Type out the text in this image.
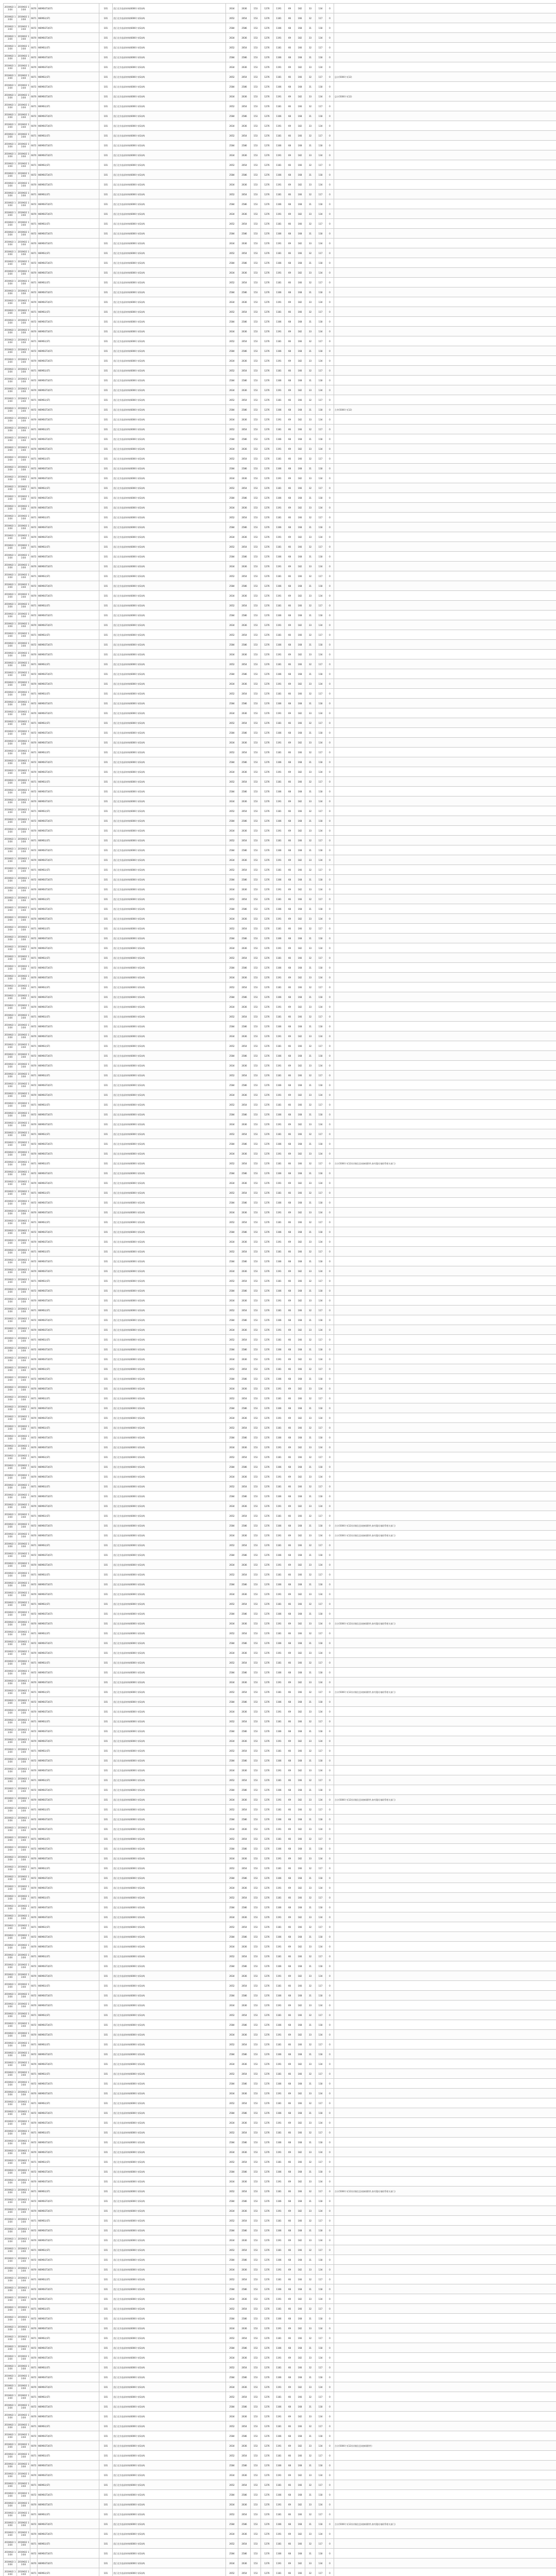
2019/6/2 13:04	2019/6/2 13:04	6070	WEMSST3(ST)	101	美汇化学品原材料(6000个)(G)(A)	2634	2636	153	1276	1191	69	182	33	134	0	
2019/6/2 13:04	2019/6/2 13:04	6071	WEMS1(ST)	101	美汇化学品原材料(6000个)(G)(A)	2652	2654	153	1276	1181	66	166	32	117	0	
2019/6/2 13:04	2019/6/2 13:04	6072	WEMSST3(ST)	101	美汇化学品原材料(6000个)(G)(A)	2584	2586	153	1276	1166	68	168	31	118	0	
2019/6/2 13:04	2019/6/2 13:04	6070	WEMSST3(ST)	101	美汇化学品原材料(6000个)(G)(A)	2634	2636	153	1276	1191	69	182	33	134	0	
2019/6/2 13:04	2019/6/2 13:04	6071	WEMS1(ST)	101	美汇化学品原材料(6000个)(G)(A)	2652	2654	153	1276	1181	66	166	32	117	0	
2019/6/2 13:04	2019/6/2 13:04	6072	WEMSST3(ST)	101	美汇化学品原材料(6000个)(G)(A)	2584	2586	153	1276	1166	68	168	31	118	0	
2019/6/2 13:04	2019/6/2 13:04	6070	WEMSST3(ST)	101	美汇化学品原材料(6000个)(G)(A)	2634	2636	153	1276	1191	69	182	33	134	0	
2019/6/2 13:04	2019/6/2 13:04	6071	WEMS1(ST)	101	美汇化学品原材料(6000个)(G)(A)	2652	2654	153	1276	1181	66	166	32	117	0	总计(5000个)(12)
2019/6/2 13:04	2019/6/2 13:04	6072	WEMSST3(ST)	101	美汇化学品原材料(6000个)(G)(A)	2584	2586	153	1276	1166	68	168	31	118	0	
2019/6/2 13:04	2019/6/2 13:04	6070	WEMSST3(ST)	101	美汇化学品原材料(6000个)(G)(A)	2634	2636	153	1276	1191	69	182	33	134	0	总计(5000个)(12)
2019/6/2 13:04	2019/6/2 13:04	6071	WEMS1(ST)	101	美汇化学品原材料(6000个)(G)(A)	2652	2654	153	1276	1181	66	166	32	117	0	
2019/6/2 13:04	2019/6/2 13:04	6072	WEMSST3(ST)	101	美汇化学品原材料(6000个)(G)(A)	2584	2586	153	1276	1166	68	168	31	118	0	
2019/6/2 13:04	2019/6/2 13:04	6070	WEMSST3(ST)	101	美汇化学品原材料(6000个)(G)(A)	2634	2636	153	1276	1191	69	182	33	134	0	
2019/6/2 13:04	2019/6/2 13:04	6071	WEMS1(ST)	101	美汇化学品原材料(6000个)(G)(A)	2652	2654	153	1276	1181	66	166	32	117	0	
2019/6/2 13:04	2019/6/2 13:04	6072	WEMSST3(ST)	101	美汇化学品原材料(6000个)(G)(A)	2584	2586	153	1276	1166	68	168	31	118	0	
2019/6/2 13:04	2019/6/2 13:04	6070	WEMSST3(ST)	101	美汇化学品原材料(6000个)(G)(A)	2634	2636	153	1276	1191	69	182	33	134	0	
2019/6/2 13:04	2019/6/2 13:04	6071	WEMS1(ST)	101	美汇化学品原材料(6000个)(G)(A)	2652	2654	153	1276	1181	66	166	32	117	0	
2019/6/2 13:04	2019/6/2 13:04	6072	WEMSST3(ST)	101	美汇化学品原材料(6000个)(G)(A)	2584	2586	153	1276	1166	68	168	31	118	0	
2019/6/2 13:04	2019/6/2 13:04	6070	WEMSST3(ST)	101	美汇化学品原材料(6000个)(G)(A)	2634	2636	153	1276	1191	69	182	33	134	0	
2019/6/2 13:04	2019/6/2 13:04	6071	WEMS1(ST)	101	美汇化学品原材料(6000个)(G)(A)	2652	2654	153	1276	1181	66	166	32	117	0	
2019/6/2 13:04	2019/6/2 13:04	6072	WEMSST3(ST)	101	美汇化学品原材料(6000个)(G)(A)	2584	2586	153	1276	1166	68	168	31	118	0	
2019/6/2 13:04	2019/6/2 13:04	6070	WEMSST3(ST)	101	美汇化学品原材料(6000个)(G)(A)	2634	2636	153	1276	1191	69	182	33	134	0	
2019/6/2 13:04	2019/6/2 13:04	6071	WEMS1(ST)	101	美汇化学品原材料(6000个)(G)(A)	2652	2654	153	1276	1181	66	166	32	117	0	
2019/6/2 13:04	2019/6/2 13:04	6072	WEMSST3(ST)	101	美汇化学品原材料(6000个)(G)(A)	2584	2586	153	1276	1166	68	168	31	118	0	
2019/6/2 13:04	2019/6/2 13:04	6070	WEMSST3(ST)	101	美汇化学品原材料(6000个)(G)(A)	2634	2636	153	1276	1191	69	182	33	134	0	
2019/6/2 13:04	2019/6/2 13:04	6071	WEMS1(ST)	101	美汇化学品原材料(6000个)(G)(A)	2652	2654	153	1276	1181	66	166	32	117	0	
2019/6/2 13:04	2019/6/2 13:04	6072	WEMSST3(ST)	101	美汇化学品原材料(6000个)(G)(A)	2584	2586	153	1276	1166	68	168	31	118	0	
2019/6/2 13:04	2019/6/2 13:04	6070	WEMSST3(ST)	101	美汇化学品原材料(6000个)(G)(A)	2634	2636	153	1276	1191	69	182	33	134	0	
2019/6/2 13:04	2019/6/2 13:04	6071	WEMS1(ST)	101	美汇化学品原材料(6000个)(G)(A)	2652	2654	153	1276	1181	66	166	32	117	0	
2019/6/2 13:04	2019/6/2 13:04	6072	WEMSST3(ST)	101	美汇化学品原材料(6000个)(G)(A)	2584	2586	153	1276	1166	68	168	31	118	0	
2019/6/2 13:04	2019/6/2 13:04	6070	WEMSST3(ST)	101	美汇化学品原材料(6000个)(G)(A)	2634	2636	153	1276	1191	69	182	33	134	0	
2019/6/2 13:04	2019/6/2 13:04	6071	WEMS1(ST)	101	美汇化学品原材料(6000个)(G)(A)	2652	2654	153	1276	1181	66	166	32	117	0	
2019/6/2 13:04	2019/6/2 13:04	6072	WEMSST3(ST)	101	美汇化学品原材料(6000个)(G)(A)	2584	2586	153	1276	1166	68	168	31	118	0	
2019/6/2 13:04	2019/6/2 13:04	6070	WEMSST3(ST)	101	美汇化学品原材料(6000个)(G)(A)	2634	2636	153	1276	1191	69	182	33	134	0	
2019/6/2 13:04	2019/6/2 13:04	6071	WEMS1(ST)	101	美汇化学品原材料(6000个)(G)(A)	2652	2654	153	1276	1181	66	166	32	117	0	
2019/6/2 13:04	2019/6/2 13:04	6072	WEMSST3(ST)	101	美汇化学品原材料(6000个)(G)(A)	2584	2586	153	1276	1166	68	168	31	118	0	
2019/6/2 13:04	2019/6/2 13:04	6070	WEMSST3(ST)	101	美汇化学品原材料(6000个)(G)(A)	2634	2636	153	1276	1191	69	182	33	134	0	
2019/6/2 13:04	2019/6/2 13:04	6071	WEMS1(ST)	101	美汇化学品原材料(6000个)(G)(A)	2652	2654	153	1276	1181	66	166	32	117	0	
2019/6/2 13:04	2019/6/2 13:04	6072	WEMSST3(ST)	101	美汇化学品原材料(6000个)(G)(A)	2584	2586	153	1276	1166	68	168	31	118	0	
2019/6/2 13:04	2019/6/2 13:04	6070	WEMSST3(ST)	101	美汇化学品原材料(6000个)(G)(A)	2634	2636	153	1276	1191	69	182	33	134	0	
2019/6/2 13:04	2019/6/2 13:04	6071	WEMS1(ST)	101	美汇化学品原材料(6000个)(G)(A)	2652	2654	153	1276	1181	66	166	32	117	0	
2019/6/2 13:04	2019/6/2 13:04	6072	WEMSST3(ST)	101	美汇化学品原材料(6000个)(G)(A)	2584	2586	153	1276	1166	68	168	31	118	0	合并(5000个)(12)
2019/6/2 13:04	2019/6/2 13:04	6070	WEMSST3(ST)	101	美汇化学品原材料(6000个)(G)(A)	2634	2636	153	1276	1191	69	182	33	134	0	
2019/6/2 13:04	2019/6/2 13:04	6071	WEMS1(ST)	101	美汇化学品原材料(6000个)(G)(A)	2652	2654	153	1276	1181	66	166	32	117	0	
2019/6/2 13:04	2019/6/2 13:04	6072	WEMSST3(ST)	101	美汇化学品原材料(6000个)(G)(A)	2584	2586	153	1276	1166	68	168	31	118	0	
2019/6/2 13:04	2019/6/2 13:04	6070	WEMSST3(ST)	101	美汇化学品原材料(6000个)(G)(A)	2634	2636	153	1276	1191	69	182	33	134	0	
2019/6/2 13:04	2019/6/2 13:04	6071	WEMS1(ST)	101	美汇化学品原材料(6000个)(G)(A)	2652	2654	153	1276	1181	66	166	32	117	0	
2019/6/2 13:04	2019/6/2 13:04	6072	WEMSST3(ST)	101	美汇化学品原材料(6000个)(G)(A)	2584	2586	153	1276	1166	68	168	31	118	0	
2019/6/2 13:04	2019/6/2 13:04	6070	WEMSST3(ST)	101	美汇化学品原材料(6000个)(G)(A)	2634	2636	153	1276	1191	69	182	33	134	0	
2019/6/2 13:04	2019/6/2 13:04	6071	WEMS1(ST)	101	美汇化学品原材料(6000个)(G)(A)	2652	2654	153	1276	1181	66	166	32	117	0	
2019/6/2 13:04	2019/6/2 13:04	6072	WEMSST3(ST)	101	美汇化学品原材料(6000个)(G)(A)	2584	2586	153	1276	1166	68	168	31	118	0	
2019/6/2 13:04	2019/6/2 13:04	6070	WEMSST3(ST)	101	美汇化学品原材料(6000个)(G)(A)	2634	2636	153	1276	1191	69	182	33	134	0	
2019/6/2 13:04	2019/6/2 13:04	6071	WEMS1(ST)	101	美汇化学品原材料(6000个)(G)(A)	2652	2654	153	1276	1181	66	166	32	117	0	
2019/6/2 13:04	2019/6/2 13:04	6072	WEMSST3(ST)	101	美汇化学品原材料(6000个)(G)(A)	2584	2586	153	1276	1166	68	168	31	118	0	
2019/6/2 13:04	2019/6/2 13:04	6070	WEMSST3(ST)	101	美汇化学品原材料(6000个)(G)(A)	2634	2636	153	1276	1191	69	182	33	134	0	
2019/6/2 13:04	2019/6/2 13:04	6071	WEMS1(ST)	101	美汇化学品原材料(6000个)(G)(A)	2652	2654	153	1276	1181	66	166	32	117	0	
2019/6/2 13:04	2019/6/2 13:04	6072	WEMSST3(ST)	101	美汇化学品原材料(6000个)(G)(A)	2584	2586	153	1276	1166	68	168	31	118	0	
2019/6/2 13:04	2019/6/2 13:04	6070	WEMSST3(ST)	101	美汇化学品原材料(6000个)(G)(A)	2634	2636	153	1276	1191	69	182	33	134	0	
2019/6/2 13:04	2019/6/2 13:04	6071	WEMS1(ST)	101	美汇化学品原材料(6000个)(G)(A)	2652	2654	153	1276	1181	66	166	32	117	0	
2019/6/2 13:04	2019/6/2 13:04	6072	WEMSST3(ST)	101	美汇化学品原材料(6000个)(G)(A)	2584	2586	153	1276	1166	68	168	31	118	0	
2019/6/2 13:04	2019/6/2 13:04	6070	WEMSST3(ST)	101	美汇化学品原材料(6000个)(G)(A)	2634	2636	153	1276	1191	69	182	33	134	0	
2019/6/2 13:04	2019/6/2 13:04	6071	WEMS1(ST)	101	美汇化学品原材料(6000个)(G)(A)	2652	2654	153	1276	1181	66	166	32	117	0	
2019/6/2 13:04	2019/6/2 13:04	6072	WEMSST3(ST)	101	美汇化学品原材料(6000个)(G)(A)	2584	2586	153	1276	1166	68	168	31	118	0	
2019/6/2 13:04	2019/6/2 13:04	6070	WEMSST3(ST)	101	美汇化学品原材料(6000个)(G)(A)	2634	2636	153	1276	1191	69	182	33	134	0	
2019/6/2 13:04	2019/6/2 13:04	6071	WEMS1(ST)	101	美汇化学品原材料(6000个)(G)(A)	2652	2654	153	1276	1181	66	166	32	117	0	
2019/6/2 13:04	2019/6/2 13:04	6072	WEMSST3(ST)	101	美汇化学品原材料(6000个)(G)(A)	2584	2586	153	1276	1166	68	168	31	118	0	
2019/6/2 13:04	2019/6/2 13:04	6070	WEMSST3(ST)	101	美汇化学品原材料(6000个)(G)(A)	2634	2636	153	1276	1191	69	182	33	134	0	
2019/6/2 13:04	2019/6/2 13:04	6071	WEMS1(ST)	101	美汇化学品原材料(6000个)(G)(A)	2652	2654	153	1276	1181	66	166	32	117	0	
2019/6/2 13:04	2019/6/2 13:04	6072	WEMSST3(ST)	101	美汇化学品原材料(6000个)(G)(A)	2584	2586	153	1276	1166	68	168	31	118	0	
2019/6/2 13:04	2019/6/2 13:04	6070	WEMSST3(ST)	101	美汇化学品原材料(6000个)(G)(A)	2634	2636	153	1276	1191	69	182	33	134	0	
2019/6/2 13:04	2019/6/2 13:04	6071	WEMS1(ST)	101	美汇化学品原材料(6000个)(G)(A)	2652	2654	153	1276	1181	66	166	32	117	0	
2019/6/2 13:04	2019/6/2 13:04	6072	WEMSST3(ST)	101	美汇化学品原材料(6000个)(G)(A)	2584	2586	153	1276	1166	68	168	31	118	0	
2019/6/2 13:04	2019/6/2 13:04	6070	WEMSST3(ST)	101	美汇化学品原材料(6000个)(G)(A)	2634	2636	153	1276	1191	69	182	33	134	0	
2019/6/2 13:04	2019/6/2 13:04	6071	WEMS1(ST)	101	美汇化学品原材料(6000个)(G)(A)	2652	2654	153	1276	1181	66	166	32	117	0	
2019/6/2 13:04	2019/6/2 13:04	6072	WEMSST3(ST)	101	美汇化学品原材料(6000个)(G)(A)	2584	2586	153	1276	1166	68	168	31	118	0	
2019/6/2 13:04	2019/6/2 13:04	6070	WEMSST3(ST)	101	美汇化学品原材料(6000个)(G)(A)	2634	2636	153	1276	1191	69	182	33	134	0	
2019/6/2 13:04	2019/6/2 13:04	6071	WEMS1(ST)	101	美汇化学品原材料(6000个)(G)(A)	2652	2654	153	1276	1181	66	166	32	117	0	
2019/6/2 13:04	2019/6/2 13:04	6072	WEMSST3(ST)	101	美汇化学品原材料(6000个)(G)(A)	2584	2586	153	1276	1166	68	168	31	118	0	
2019/6/2 13:04	2019/6/2 13:04	6070	WEMSST3(ST)	101	美汇化学品原材料(6000个)(G)(A)	2634	2636	153	1276	1191	69	182	33	134	0	
2019/6/2 13:04	2019/6/2 13:04	6071	WEMS1(ST)	101	美汇化学品原材料(6000个)(G)(A)	2652	2654	153	1276	1181	66	166	32	117	0	
2019/6/2 13:04	2019/6/2 13:04	6072	WEMSST3(ST)	101	美汇化学品原材料(6000个)(G)(A)	2584	2586	153	1276	1166	68	168	31	118	0	
2019/6/2 13:04	2019/6/2 13:04	6070	WEMSST3(ST)	101	美汇化学品原材料(6000个)(G)(A)	2634	2636	153	1276	1191	69	182	33	134	0	
2019/6/2 13:04	2019/6/2 13:04	6071	WEMS1(ST)	101	美汇化学品原材料(6000个)(G)(A)	2652	2654	153	1276	1181	66	166	32	117	0	
2019/6/2 13:04	2019/6/2 13:04	6072	WEMSST3(ST)	101	美汇化学品原材料(6000个)(G)(A)	2584	2586	153	1276	1166	68	168	31	118	0	
2019/6/2 13:04	2019/6/2 13:04	6070	WEMSST3(ST)	101	美汇化学品原材料(6000个)(G)(A)	2634	2636	153	1276	1191	69	182	33	134	0	
2019/6/2 13:04	2019/6/2 13:04	6071	WEMS1(ST)	101	美汇化学品原材料(6000个)(G)(A)	2652	2654	153	1276	1181	66	166	32	117	0	
2019/6/2 13:04	2019/6/2 13:04	6072	WEMSST3(ST)	101	美汇化学品原材料(6000个)(G)(A)	2584	2586	153	1276	1166	68	168	31	118	0	
2019/6/2 13:04	2019/6/2 13:04	6070	WEMSST3(ST)	101	美汇化学品原材料(6000个)(G)(A)	2634	2636	153	1276	1191	69	182	33	134	0	
2019/6/2 13:04	2019/6/2 13:04	6071	WEMS1(ST)	101	美汇化学品原材料(6000个)(G)(A)	2652	2654	153	1276	1181	66	166	32	117	0	
2019/6/2 13:04	2019/6/2 13:04	6072	WEMSST3(ST)	101	美汇化学品原材料(6000个)(G)(A)	2584	2586	153	1276	1166	68	168	31	118	0	
2019/6/2 13:04	2019/6/2 13:04	6070	WEMSST3(ST)	101	美汇化学品原材料(6000个)(G)(A)	2634	2636	153	1276	1191	69	182	33	134	0	
2019/6/2 13:04	2019/6/2 13:04	6071	WEMS1(ST)	101	美汇化学品原材料(6000个)(G)(A)	2652	2654	153	1276	1181	66	166	32	117	0	
2019/6/2 13:04	2019/6/2 13:04	6072	WEMSST3(ST)	101	美汇化学品原材料(6000个)(G)(A)	2584	2586	153	1276	1166	68	168	31	118	0	
2019/6/2 13:04	2019/6/2 13:04	6070	WEMSST3(ST)	101	美汇化学品原材料(6000个)(G)(A)	2634	2636	153	1276	1191	69	182	33	134	0	
2019/6/2 13:04	2019/6/2 13:04	6071	WEMS1(ST)	101	美汇化学品原材料(6000个)(G)(A)	2652	2654	153	1276	1181	66	166	32	117	0	
2019/6/2 13:04	2019/6/2 13:04	6072	WEMSST3(ST)	101	美汇化学品原材料(6000个)(G)(A)	2584	2586	153	1276	1166	68	168	31	118	0	
2019/6/2 13:04	2019/6/2 13:04	6070	WEMSST3(ST)	101	美汇化学品原材料(6000个)(G)(A)	2634	2636	153	1276	1191	69	182	33	134	0	
2019/6/2 13:04	2019/6/2 13:04	6071	WEMS1(ST)	101	美汇化学品原材料(6000个)(G)(A)	2652	2654	153	1276	1181	66	166	32	117	0	
2019/6/2 13:04	2019/6/2 13:04	6072	WEMSST3(ST)	101	美汇化学品原材料(6000个)(G)(A)	2584	2586	153	1276	1166	68	168	31	118	0	
2019/6/2 13:04	2019/6/2 13:04	6070	WEMSST3(ST)	101	美汇化学品原材料(6000个)(G)(A)	2634	2636	153	1276	1191	69	182	33	134	0	
2019/6/2 13:04	2019/6/2 13:04	6071	WEMS1(ST)	101	美汇化学品原材料(6000个)(G)(A)	2652	2654	153	1276	1181	66	166	32	117	0	
2019/6/2 13:04	2019/6/2 13:04	6072	WEMSST3(ST)	101	美汇化学品原材料(6000个)(G)(A)	2584	2586	153	1276	1166	68	168	31	118	0	
2019/6/2 13:04	2019/6/2 13:04	6070	WEMSST3(ST)	101	美汇化学品原材料(6000个)(G)(A)	2634	2636	153	1276	1191	69	182	33	134	0	
2019/6/2 13:04	2019/6/2 13:04	6071	WEMS1(ST)	101	美汇化学品原材料(6000个)(G)(A)	2652	2654	153	1276	1181	66	166	32	117	0	
2019/6/2 13:04	2019/6/2 13:04	6072	WEMSST3(ST)	101	美汇化学品原材料(6000个)(G)(A)	2584	2586	153	1276	1166	68	168	31	118	0	
2019/6/2 13:04	2019/6/2 13:04	6070	WEMSST3(ST)	101	美汇化学品原材料(6000个)(G)(A)	2634	2636	153	1276	1191	69	182	33	134	0	
2019/6/2 13:04	2019/6/2 13:04	6071	WEMS1(ST)	101	美汇化学品原材料(6000个)(G)(A)	2652	2654	153	1276	1181	66	166	32	117	0	
2019/6/2 13:04	2019/6/2 13:04	6072	WEMSST3(ST)	101	美汇化学品原材料(6000个)(G)(A)	2584	2586	153	1276	1166	68	168	31	118	0	
2019/6/2 13:04	2019/6/2 13:04	6070	WEMSST3(ST)	101	美汇化学品原材料(6000个)(G)(A)	2634	2636	153	1276	1191	69	182	33	134	0	
2019/6/2 13:04	2019/6/2 13:04	6071	WEMS1(ST)	101	美汇化学品原材料(6000个)(G)(A)	2652	2654	153	1276	1181	66	166	32	117	0	
2019/6/2 13:04	2019/6/2 13:04	6072	WEMSST3(ST)	101	美汇化学品原材料(6000个)(G)(A)	2584	2586	153	1276	1166	68	168	31	118	0	
2019/6/2 13:04	2019/6/2 13:04	6070	WEMSST3(ST)	101	美汇化学品原材料(6000个)(G)(A)	2634	2636	153	1276	1191	69	182	33	134	0	
2019/6/2 13:04	2019/6/2 13:04	6071	WEMS1(ST)	101	美汇化学品原材料(6000个)(G)(A)	2652	2654	153	1276	1181	66	166	32	117	0	
2019/6/2 13:04	2019/6/2 13:04	6072	WEMSST3(ST)	101	美汇化学品原材料(6000个)(G)(A)	2584	2586	153	1276	1166	68	168	31	118	0	
2019/6/2 13:04	2019/6/2 13:04	6070	WEMSST3(ST)	101	美汇化学品原材料(6000个)(G)(A)	2634	2636	153	1276	1191	69	182	33	134	0	
2019/6/2 13:04	2019/6/2 13:04	6071	WEMS1(ST)	101	美汇化学品原材料(6000个)(G)(A)	2652	2654	153	1276	1181	66	166	32	117	0	
2019/6/2 13:04	2019/6/2 13:04	6072	WEMSST3(ST)	101	美汇化学品原材料(6000个)(G)(A)	2584	2586	153	1276	1166	68	168	31	118	0	
2019/6/2 13:04	2019/6/2 13:04	6070	WEMSST3(ST)	101	美汇化学品原材料(6000个)(G)(A)	2634	2636	153	1276	1191	69	182	33	134	0	
2019/6/2 13:04	2019/6/2 13:04	6071	WEMS1(ST)	101	美汇化学品原材料(6000个)(G)(A)	2652	2654	153	1276	1181	66	166	32	117	0	合计(5000个)(12)(详细信息请参阅附件,如有疑问请联系相关部门)
2019/6/2 13:04	2019/6/2 13:04	6072	WEMSST3(ST)	101	美汇化学品原材料(6000个)(G)(A)	2584	2586	153	1276	1166	68	168	31	118	0	
2019/6/2 13:04	2019/6/2 13:04	6070	WEMSST3(ST)	101	美汇化学品原材料(6000个)(G)(A)	2634	2636	153	1276	1191	69	182	33	134	0	
2019/6/2 13:04	2019/6/2 13:04	6071	WEMS1(ST)	101	美汇化学品原材料(6000个)(G)(A)	2652	2654	153	1276	1181	66	166	32	117	0	
2019/6/2 13:04	2019/6/2 13:04	6072	WEMSST3(ST)	101	美汇化学品原材料(6000个)(G)(A)	2584	2586	153	1276	1166	68	168	31	118	0	
2019/6/2 13:04	2019/6/2 13:04	6070	WEMSST3(ST)	101	美汇化学品原材料(6000个)(G)(A)	2634	2636	153	1276	1191	69	182	33	134	0	
2019/6/2 13:04	2019/6/2 13:04	6071	WEMS1(ST)	101	美汇化学品原材料(6000个)(G)(A)	2652	2654	153	1276	1181	66	166	32	117	0	
2019/6/2 13:04	2019/6/2 13:04	6072	WEMSST3(ST)	101	美汇化学品原材料(6000个)(G)(A)	2584	2586	153	1276	1166	68	168	31	118	0	
2019/6/2 13:04	2019/6/2 13:04	6070	WEMSST3(ST)	101	美汇化学品原材料(6000个)(G)(A)	2634	2636	153	1276	1191	69	182	33	134	0	
2019/6/2 13:04	2019/6/2 13:04	6071	WEMS1(ST)	101	美汇化学品原材料(6000个)(G)(A)	2652	2654	153	1276	1181	66	166	32	117	0	
2019/6/2 13:04	2019/6/2 13:04	6072	WEMSST3(ST)	101	美汇化学品原材料(6000个)(G)(A)	2584	2586	153	1276	1166	68	168	31	118	0	
2019/6/2 13:04	2019/6/2 13:04	6070	WEMSST3(ST)	101	美汇化学品原材料(6000个)(G)(A)	2634	2636	153	1276	1191	69	182	33	134	0	
2019/6/2 13:04	2019/6/2 13:04	6071	WEMS1(ST)	101	美汇化学品原材料(6000个)(G)(A)	2652	2654	153	1276	1181	66	166	32	117	0	
2019/6/2 13:04	2019/6/2 13:04	6072	WEMSST3(ST)	101	美汇化学品原材料(6000个)(G)(A)	2584	2586	153	1276	1166	68	168	31	118	0	
2019/6/2 13:04	2019/6/2 13:04	6070	WEMSST3(ST)	101	美汇化学品原材料(6000个)(G)(A)	2634	2636	153	1276	1191	69	182	33	134	0	
2019/6/2 13:04	2019/6/2 13:04	6071	WEMS1(ST)	101	美汇化学品原材料(6000个)(G)(A)	2652	2654	153	1276	1181	66	166	32	117	0	
2019/6/2 13:04	2019/6/2 13:04	6072	WEMSST3(ST)	101	美汇化学品原材料(6000个)(G)(A)	2584	2586	153	1276	1166	68	168	31	118	0	
2019/6/2 13:04	2019/6/2 13:04	6070	WEMSST3(ST)	101	美汇化学品原材料(6000个)(G)(A)	2634	2636	153	1276	1191	69	182	33	134	0	
2019/6/2 13:04	2019/6/2 13:04	6071	WEMS1(ST)	101	美汇化学品原材料(6000个)(G)(A)	2652	2654	153	1276	1181	66	166	32	117	0	
2019/6/2 13:04	2019/6/2 13:04	6072	WEMSST3(ST)	101	美汇化学品原材料(6000个)(G)(A)	2584	2586	153	1276	1166	68	168	31	118	0	
2019/6/2 13:04	2019/6/2 13:04	6070	WEMSST3(ST)	101	美汇化学品原材料(6000个)(G)(A)	2634	2636	153	1276	1191	69	182	33	134	0	
2019/6/2 13:04	2019/6/2 13:04	6071	WEMS1(ST)	101	美汇化学品原材料(6000个)(G)(A)	2652	2654	153	1276	1181	66	166	32	117	0	
2019/6/2 13:04	2019/6/2 13:04	6072	WEMSST3(ST)	101	美汇化学品原材料(6000个)(G)(A)	2584	2586	153	1276	1166	68	168	31	118	0	
2019/6/2 13:04	2019/6/2 13:04	6070	WEMSST3(ST)	101	美汇化学品原材料(6000个)(G)(A)	2634	2636	153	1276	1191	69	182	33	134	0	
2019/6/2 13:04	2019/6/2 13:04	6071	WEMS1(ST)	101	美汇化学品原材料(6000个)(G)(A)	2652	2654	153	1276	1181	66	166	32	117	0	
2019/6/2 13:04	2019/6/2 13:04	6072	WEMSST3(ST)	101	美汇化学品原材料(6000个)(G)(A)	2584	2586	153	1276	1166	68	168	31	118	0	
2019/6/2 13:04	2019/6/2 13:04	6070	WEMSST3(ST)	101	美汇化学品原材料(6000个)(G)(A)	2634	2636	153	1276	1191	69	182	33	134	0	
2019/6/2 13:04	2019/6/2 13:04	6071	WEMS1(ST)	101	美汇化学品原材料(6000个)(G)(A)	2652	2654	153	1276	1181	66	166	32	117	0	
2019/6/2 13:04	2019/6/2 13:04	6072	WEMSST3(ST)	101	美汇化学品原材料(6000个)(G)(A)	2584	2586	153	1276	1166	68	168	31	118	0	
2019/6/2 13:04	2019/6/2 13:04	6070	WEMSST3(ST)	101	美汇化学品原材料(6000个)(G)(A)	2634	2636	153	1276	1191	69	182	33	134	0	
2019/6/2 13:04	2019/6/2 13:04	6071	WEMS1(ST)	101	美汇化学品原材料(6000个)(G)(A)	2652	2654	153	1276	1181	66	166	32	117	0	
2019/6/2 13:04	2019/6/2 13:04	6072	WEMSST3(ST)	101	美汇化学品原材料(6000个)(G)(A)	2584	2586	153	1276	1166	68	168	31	118	0	
2019/6/2 13:04	2019/6/2 13:04	6070	WEMSST3(ST)	101	美汇化学品原材料(6000个)(G)(A)	2634	2636	153	1276	1191	69	182	33	134	0	
2019/6/2 13:04	2019/6/2 13:04	6071	WEMS1(ST)	101	美汇化学品原材料(6000个)(G)(A)	2652	2654	153	1276	1181	66	166	32	117	0	
2019/6/2 13:04	2019/6/2 13:04	6072	WEMSST3(ST)	101	美汇化学品原材料(6000个)(G)(A)	2584	2586	153	1276	1166	68	168	31	118	0	
2019/6/2 13:04	2019/6/2 13:04	6070	WEMSST3(ST)	101	美汇化学品原材料(6000个)(G)(A)	2634	2636	153	1276	1191	69	182	33	134	0	
2019/6/2 13:04	2019/6/2 13:04	6071	WEMS1(ST)	101	美汇化学品原材料(6000个)(G)(A)	2652	2654	153	1276	1181	66	166	32	117	0	
2019/6/2 13:04	2019/6/2 13:04	6072	WEMSST3(ST)	101	美汇化学品原材料(6000个)(G)(A)	2584	2586	153	1276	1166	68	168	31	118	0	合计(5000个)(12)(详细信息请参阅附件,如有疑问请联系相关部门)
2019/6/2 13:04	2019/6/2 13:04	6070	WEMSST3(ST)	101	美汇化学品原材料(6000个)(G)(A)	2634	2636	153	1276	1191	69	182	33	134	0	合计(5000个)(12)(详细信息请参阅附件,如有疑问请联系相关部门)
2019/6/2 13:04	2019/6/2 13:04	6071	WEMS1(ST)	101	美汇化学品原材料(6000个)(G)(A)	2652	2654	153	1276	1181	66	166	32	117	0	
2019/6/2 13:04	2019/6/2 13:04	6072	WEMSST3(ST)	101	美汇化学品原材料(6000个)(G)(A)	2584	2586	153	1276	1166	68	168	31	118	0	
2019/6/2 13:04	2019/6/2 13:04	6070	WEMSST3(ST)	101	美汇化学品原材料(6000个)(G)(A)	2634	2636	153	1276	1191	69	182	33	134	0	
2019/6/2 13:04	2019/6/2 13:04	6071	WEMS1(ST)	101	美汇化学品原材料(6000个)(G)(A)	2652	2654	153	1276	1181	66	166	32	117	0	
2019/6/2 13:04	2019/6/2 13:04	6072	WEMSST3(ST)	101	美汇化学品原材料(6000个)(G)(A)	2584	2586	153	1276	1166	68	168	31	118	0	
2019/6/2 13:04	2019/6/2 13:04	6070	WEMSST3(ST)	101	美汇化学品原材料(6000个)(G)(A)	2634	2636	153	1276	1191	69	182	33	134	0	
2019/6/2 13:04	2019/6/2 13:04	6071	WEMS1(ST)	101	美汇化学品原材料(6000个)(G)(A)	2652	2654	153	1276	1181	66	166	32	117	0	
2019/6/2 13:04	2019/6/2 13:04	6072	WEMSST3(ST)	101	美汇化学品原材料(6000个)(G)(A)	2584	2586	153	1276	1166	68	168	31	118	0	
2019/6/2 13:04	2019/6/2 13:04	6070	WEMSST3(ST)	101	美汇化学品原材料(6000个)(G)(A)	2634	2636	153	1276	1191	69	182	33	134	0	合计(5000个)(12)(详细信息请参阅附件,如有疑问请联系相关部门)
2019/6/2 13:04	2019/6/2 13:04	6071	WEMS1(ST)	101	美汇化学品原材料(6000个)(G)(A)	2652	2654	153	1276	1181	66	166	32	117	0	
2019/6/2 13:04	2019/6/2 13:04	6072	WEMSST3(ST)	101	美汇化学品原材料(6000个)(G)(A)	2584	2586	153	1276	1166	68	168	31	118	0	
2019/6/2 13:04	2019/6/2 13:04	6070	WEMSST3(ST)	101	美汇化学品原材料(6000个)(G)(A)	2634	2636	153	1276	1191	69	182	33	134	0	
2019/6/2 13:04	2019/6/2 13:04	6071	WEMS1(ST)	101	美汇化学品原材料(6000个)(G)(A)	2652	2654	153	1276	1181	66	166	32	117	0	
2019/6/2 13:04	2019/6/2 13:04	6072	WEMSST3(ST)	101	美汇化学品原材料(6000个)(G)(A)	2584	2586	153	1276	1166	68	168	31	118	0	
2019/6/2 13:04	2019/6/2 13:04	6070	WEMSST3(ST)	101	美汇化学品原材料(6000个)(G)(A)	2634	2636	153	1276	1191	69	182	33	134	0	
2019/6/2 13:04	2019/6/2 13:04	6071	WEMS1(ST)	101	美汇化学品原材料(6000个)(G)(A)	2652	2654	153	1276	1181	66	166	32	117	0	合计(5000个)(12)(详细信息请参阅附件,如有疑问请联系相关部门)
2019/6/2 13:04	2019/6/2 13:04	6072	WEMSST3(ST)	101	美汇化学品原材料(6000个)(G)(A)	2584	2586	153	1276	1166	68	168	31	118	0	
2019/6/2 13:04	2019/6/2 13:04	6070	WEMSST3(ST)	101	美汇化学品原材料(6000个)(G)(A)	2634	2636	153	1276	1191	69	182	33	134	0	
2019/6/2 13:04	2019/6/2 13:04	6071	WEMS1(ST)	101	美汇化学品原材料(6000个)(G)(A)	2652	2654	153	1276	1181	66	166	32	117	0	
2019/6/2 13:04	2019/6/2 13:04	6072	WEMSST3(ST)	101	美汇化学品原材料(6000个)(G)(A)	2584	2586	153	1276	1166	68	168	31	118	0	
2019/6/2 13:04	2019/6/2 13:04	6070	WEMSST3(ST)	101	美汇化学品原材料(6000个)(G)(A)	2634	2636	153	1276	1191	69	182	33	134	0	
2019/6/2 13:04	2019/6/2 13:04	6071	WEMS1(ST)	101	美汇化学品原材料(6000个)(G)(A)	2652	2654	153	1276	1181	66	166	32	117	0	
2019/6/2 13:04	2019/6/2 13:04	6072	WEMSST3(ST)	101	美汇化学品原材料(6000个)(G)(A)	2584	2586	153	1276	1166	68	168	31	118	0	
2019/6/2 13:04	2019/6/2 13:04	6070	WEMSST3(ST)	101	美汇化学品原材料(6000个)(G)(A)	2634	2636	153	1276	1191	69	182	33	134	0	
2019/6/2 13:04	2019/6/2 13:04	6071	WEMS1(ST)	101	美汇化学品原材料(6000个)(G)(A)	2652	2654	153	1276	1181	66	166	32	117	0	
2019/6/2 13:04	2019/6/2 13:04	6072	WEMSST3(ST)	101	美汇化学品原材料(6000个)(G)(A)	2584	2586	153	1276	1166	68	168	31	118	0	
2019/6/2 13:04	2019/6/2 13:04	6070	WEMSST3(ST)	101	美汇化学品原材料(6000个)(G)(A)	2634	2636	153	1276	1191	69	182	33	134	0	合计(5000个)(12)(详细信息请参阅附件,如有疑问请联系相关部门)
2019/6/2 13:04	2019/6/2 13:04	6071	WEMS1(ST)	101	美汇化学品原材料(6000个)(G)(A)	2652	2654	153	1276	1181	66	166	32	117	0	
2019/6/2 13:04	2019/6/2 13:04	6072	WEMSST3(ST)	101	美汇化学品原材料(6000个)(G)(A)	2584	2586	153	1276	1166	68	168	31	118	0	
2019/6/2 13:04	2019/6/2 13:04	6070	WEMSST3(ST)	101	美汇化学品原材料(6000个)(G)(A)	2634	2636	153	1276	1191	69	182	33	134	0	
2019/6/2 13:04	2019/6/2 13:04	6071	WEMS1(ST)	101	美汇化学品原材料(6000个)(G)(A)	2652	2654	153	1276	1181	66	166	32	117	0	
2019/6/2 13:04	2019/6/2 13:04	6072	WEMSST3(ST)	101	美汇化学品原材料(6000个)(G)(A)	2584	2586	153	1276	1166	68	168	31	118	0	
2019/6/2 13:04	2019/6/2 13:04	6070	WEMSST3(ST)	101	美汇化学品原材料(6000个)(G)(A)	2634	2636	153	1276	1191	69	182	33	134	0	
2019/6/2 13:04	2019/6/2 13:04	6071	WEMS1(ST)	101	美汇化学品原材料(6000个)(G)(A)	2652	2654	153	1276	1181	66	166	32	117	0	
2019/6/2 13:04	2019/6/2 13:04	6072	WEMSST3(ST)	101	美汇化学品原材料(6000个)(G)(A)	2584	2586	153	1276	1166	68	168	31	118	0	
2019/6/2 13:04	2019/6/2 13:04	6070	WEMSST3(ST)	101	美汇化学品原材料(6000个)(G)(A)	2634	2636	153	1276	1191	69	182	33	134	0	
2019/6/2 13:04	2019/6/2 13:04	6071	WEMS1(ST)	101	美汇化学品原材料(6000个)(G)(A)	2652	2654	153	1276	1181	66	166	32	117	0	
2019/6/2 13:04	2019/6/2 13:04	6072	WEMSST3(ST)	101	美汇化学品原材料(6000个)(G)(A)	2584	2586	153	1276	1166	68	168	31	118	0	
2019/6/2 13:04	2019/6/2 13:04	6070	WEMSST3(ST)	101	美汇化学品原材料(6000个)(G)(A)	2634	2636	153	1276	1191	69	182	33	134	0	
2019/6/2 13:04	2019/6/2 13:04	6071	WEMS1(ST)	101	美汇化学品原材料(6000个)(G)(A)	2652	2654	153	1276	1181	66	166	32	117	0	
2019/6/2 13:04	2019/6/2 13:04	6072	WEMSST3(ST)	101	美汇化学品原材料(6000个)(G)(A)	2584	2586	153	1276	1166	68	168	31	118	0	
2019/6/2 13:04	2019/6/2 13:04	6070	WEMSST3(ST)	101	美汇化学品原材料(6000个)(G)(A)	2634	2636	153	1276	1191	69	182	33	134	0	
2019/6/2 13:04	2019/6/2 13:04	6071	WEMS1(ST)	101	美汇化学品原材料(6000个)(G)(A)	2652	2654	153	1276	1181	66	166	32	117	0	
2019/6/2 13:04	2019/6/2 13:04	6072	WEMSST3(ST)	101	美汇化学品原材料(6000个)(G)(A)	2584	2586	153	1276	1166	68	168	31	118	0	
2019/6/2 13:04	2019/6/2 13:04	6070	WEMSST3(ST)	101	美汇化学品原材料(6000个)(G)(A)	2634	2636	153	1276	1191	69	182	33	134	0	
2019/6/2 13:04	2019/6/2 13:04	6071	WEMS1(ST)	101	美汇化学品原材料(6000个)(G)(A)	2652	2654	153	1276	1181	66	166	32	117	0	
2019/6/2 13:04	2019/6/2 13:04	6072	WEMSST3(ST)	101	美汇化学品原材料(6000个)(G)(A)	2584	2586	153	1276	1166	68	168	31	118	0	
2019/6/2 13:04	2019/6/2 13:04	6070	WEMSST3(ST)	101	美汇化学品原材料(6000个)(G)(A)	2634	2636	153	1276	1191	69	182	33	134	0	
2019/6/2 13:04	2019/6/2 13:04	6071	WEMS1(ST)	101	美汇化学品原材料(6000个)(G)(A)	2652	2654	153	1276	1181	66	166	32	117	0	
2019/6/2 13:04	2019/6/2 13:04	6072	WEMSST3(ST)	101	美汇化学品原材料(6000个)(G)(A)	2584	2586	153	1276	1166	68	168	31	118	0	
2019/6/2 13:04	2019/6/2 13:04	6070	WEMSST3(ST)	101	美汇化学品原材料(6000个)(G)(A)	2634	2636	153	1276	1191	69	182	33	134	0	
2019/6/2 13:04	2019/6/2 13:04	6071	WEMS1(ST)	101	美汇化学品原材料(6000个)(G)(A)	2652	2654	153	1276	1181	66	166	32	117	0	
2019/6/2 13:04	2019/6/2 13:04	6072	WEMSST3(ST)	101	美汇化学品原材料(6000个)(G)(A)	2584	2586	153	1276	1166	68	168	31	118	0	
2019/6/2 13:04	2019/6/2 13:04	6070	WEMSST3(ST)	101	美汇化学品原材料(6000个)(G)(A)	2634	2636	153	1276	1191	69	182	33	134	0	
2019/6/2 13:04	2019/6/2 13:04	6071	WEMS1(ST)	101	美汇化学品原材料(6000个)(G)(A)	2652	2654	153	1276	1181	66	166	32	117	0	
2019/6/2 13:04	2019/6/2 13:04	6072	WEMSST3(ST)	101	美汇化学品原材料(6000个)(G)(A)	2584	2586	153	1276	1166	68	168	31	118	0	
2019/6/2 13:04	2019/6/2 13:04	6070	WEMSST3(ST)	101	美汇化学品原材料(6000个)(G)(A)	2634	2636	153	1276	1191	69	182	33	134	0	
2019/6/2 13:04	2019/6/2 13:04	6071	WEMS1(ST)	101	美汇化学品原材料(6000个)(G)(A)	2652	2654	153	1276	1181	66	166	32	117	0	
2019/6/2 13:04	2019/6/2 13:04	6072	WEMSST3(ST)	101	美汇化学品原材料(6000个)(G)(A)	2584	2586	153	1276	1166	68	168	31	118	0	
2019/6/2 13:04	2019/6/2 13:04	6070	WEMSST3(ST)	101	美汇化学品原材料(6000个)(G)(A)	2634	2636	153	1276	1191	69	182	33	134	0	
2019/6/2 13:04	2019/6/2 13:04	6071	WEMS1(ST)	101	美汇化学品原材料(6000个)(G)(A)	2652	2654	153	1276	1181	66	166	32	117	0	
2019/6/2 13:04	2019/6/2 13:04	6072	WEMSST3(ST)	101	美汇化学品原材料(6000个)(G)(A)	2584	2586	153	1276	1166	68	168	31	118	0	
2019/6/2 13:04	2019/6/2 13:04	6070	WEMSST3(ST)	101	美汇化学品原材料(6000个)(G)(A)	2634	2636	153	1276	1191	69	182	33	134	0	
2019/6/2 13:04	2019/6/2 13:04	6071	WEMS1(ST)	101	美汇化学品原材料(6000个)(G)(A)	2652	2654	153	1276	1181	66	166	32	117	0	
2019/6/2 13:04	2019/6/2 13:04	6072	WEMSST3(ST)	101	美汇化学品原材料(6000个)(G)(A)	2584	2586	153	1276	1166	68	168	31	118	0	
2019/6/2 13:04	2019/6/2 13:04	6070	WEMSST3(ST)	101	美汇化学品原材料(6000个)(G)(A)	2634	2636	153	1276	1191	69	182	33	134	0	
2019/6/2 13:04	2019/6/2 13:04	6071	WEMS1(ST)	101	美汇化学品原材料(6000个)(G)(A)	2652	2654	153	1276	1181	66	166	32	117	0	合计(5000个)(12)(详细信息请参阅附件,如有疑问请联系相关部门)
2019/6/2 13:04	2019/6/2 13:04	6072	WEMSST3(ST)	101	美汇化学品原材料(6000个)(G)(A)	2584	2586	153	1276	1166	68	168	31	118	0	
2019/6/2 13:04	2019/6/2 13:04	6070	WEMSST3(ST)	101	美汇化学品原材料(6000个)(G)(A)	2634	2636	153	1276	1191	69	182	33	134	0	
2019/6/2 13:04	2019/6/2 13:04	6071	WEMS1(ST)	101	美汇化学品原材料(6000个)(G)(A)	2652	2654	153	1276	1181	66	166	32	117	0	
2019/6/2 13:04	2019/6/2 13:04	6072	WEMSST3(ST)	101	美汇化学品原材料(6000个)(G)(A)	2584	2586	153	1276	1166	68	168	31	118	0	
2019/6/2 13:04	2019/6/2 13:04	6070	WEMSST3(ST)	101	美汇化学品原材料(6000个)(G)(A)	2634	2636	153	1276	1191	69	182	33	134	0	
2019/6/2 13:04	2019/6/2 13:04	6071	WEMS1(ST)	101	美汇化学品原材料(6000个)(G)(A)	2652	2654	153	1276	1181	66	166	32	117	0	
2019/6/2 13:04	2019/6/2 13:04	6072	WEMSST3(ST)	101	美汇化学品原材料(6000个)(G)(A)	2584	2586	153	1276	1166	68	168	31	118	0	
2019/6/2 13:04	2019/6/2 13:04	6070	WEMSST3(ST)	101	美汇化学品原材料(6000个)(G)(A)	2634	2636	153	1276	1191	69	182	33	134	0	
2019/6/2 13:04	2019/6/2 13:04	6071	WEMS1(ST)	101	美汇化学品原材料(6000个)(G)(A)	2652	2654	153	1276	1181	66	166	32	117	0	
2019/6/2 13:04	2019/6/2 13:04	6072	WEMSST3(ST)	101	美汇化学品原材料(6000个)(G)(A)	2584	2586	153	1276	1166	68	168	31	118	0	
2019/6/2 13:04	2019/6/2 13:04	6070	WEMSST3(ST)	101	美汇化学品原材料(6000个)(G)(A)	2634	2636	153	1276	1191	69	182	33	134	0	
2019/6/2 13:04	2019/6/2 13:04	6071	WEMS1(ST)	101	美汇化学品原材料(6000个)(G)(A)	2652	2654	153	1276	1181	66	166	32	117	0	
2019/6/2 13:04	2019/6/2 13:04	6072	WEMSST3(ST)	101	美汇化学品原材料(6000个)(G)(A)	2584	2586	153	1276	1166	68	168	31	118	0	
2019/6/2 13:04	2019/6/2 13:04	6070	WEMSST3(ST)	101	美汇化学品原材料(6000个)(G)(A)	2634	2636	153	1276	1191	69	182	33	134	0	
2019/6/2 13:04	2019/6/2 13:04	6071	WEMS1(ST)	101	美汇化学品原材料(6000个)(G)(A)	2652	2654	153	1276	1181	66	166	32	117	0	
2019/6/2 13:04	2019/6/2 13:04	6072	WEMSST3(ST)	101	美汇化学品原材料(6000个)(G)(A)	2584	2586	153	1276	1166	68	168	31	118	0	
2019/6/2 13:04	2019/6/2 13:04	6070	WEMSST3(ST)	101	美汇化学品原材料(6000个)(G)(A)	2634	2636	153	1276	1191	69	182	33	134	0	
2019/6/2 13:04	2019/6/2 13:04	6071	WEMS1(ST)	101	美汇化学品原材料(6000个)(G)(A)	2652	2654	153	1276	1181	66	166	32	117	0	
2019/6/2 13:04	2019/6/2 13:04	6072	WEMSST3(ST)	101	美汇化学品原材料(6000个)(G)(A)	2584	2586	153	1276	1166	68	168	31	118	0	
2019/6/2 13:04	2019/6/2 13:04	6070	WEMSST3(ST)	101	美汇化学品原材料(6000个)(G)(A)	2634	2636	153	1276	1191	69	182	33	134	0	
2019/6/2 13:04	2019/6/2 13:04	6071	WEMS1(ST)	101	美汇化学品原材料(6000个)(G)(A)	2652	2654	153	1276	1181	66	166	32	117	0	
2019/6/2 13:04	2019/6/2 13:04	6072	WEMSST3(ST)	101	美汇化学品原材料(6000个)(G)(A)	2584	2586	153	1276	1166	68	168	31	118	0	
2019/6/2 13:04	2019/6/2 13:04	6070	WEMSST3(ST)	101	美汇化学品原材料(6000个)(G)(A)	2634	2636	153	1276	1191	69	182	33	134	0	
2019/6/2 13:04	2019/6/2 13:04	6071	WEMS1(ST)	101	美汇化学品原材料(6000个)(G)(A)	2652	2654	153	1276	1181	66	166	32	117	0	
2019/6/2 13:04	2019/6/2 13:04	6072	WEMSST3(ST)	101	美汇化学品原材料(6000个)(G)(A)	2584	2586	153	1276	1166	68	168	31	118	0	
2019/6/2 13:04	2019/6/2 13:04	6070	WEMSST3(ST)	101	美汇化学品原材料(6000个)(G)(A)	2634	2636	153	1276	1191	69	182	33	134	0	合计(5000个)(12)(详细信息请参阅附件)
2019/6/2 13:04	2019/6/2 13:04	6071	WEMS1(ST)	101	美汇化学品原材料(6000个)(G)(A)	2652	2654	153	1276	1181	66	166	32	117	0	
2019/6/2 13:04	2019/6/2 13:04	6072	WEMSST3(ST)	101	美汇化学品原材料(6000个)(G)(A)	2584	2586	153	1276	1166	68	168	31	118	0	
2019/6/2 13:04	2019/6/2 13:04	6070	WEMSST3(ST)	101	美汇化学品原材料(6000个)(G)(A)	2634	2636	153	1276	1191	69	182	33	134	0	
2019/6/2 13:04	2019/6/2 13:04	6071	WEMS1(ST)	101	美汇化学品原材料(6000个)(G)(A)	2652	2654	153	1276	1181	66	166	32	117	0	
2019/6/2 13:04	2019/6/2 13:04	6072	WEMSST3(ST)	101	美汇化学品原材料(6000个)(G)(A)	2584	2586	153	1276	1166	68	168	31	118	0	
2019/6/2 13:04	2019/6/2 13:04	6070	WEMSST3(ST)	101	美汇化学品原材料(6000个)(G)(A)	2634	2636	153	1276	1191	69	182	33	134	0	
2019/6/2 13:04	2019/6/2 13:04	6071	WEMS1(ST)	101	美汇化学品原材料(6000个)(G)(A)	2652	2654	153	1276	1181	66	166	32	117	0	
2019/6/2 13:04	2019/6/2 13:04	6072	WEMSST3(ST)	101	美汇化学品原材料(6000个)(G)(A)	2584	2586	153	1276	1166	68	168	31	118	0	合计(5000个)(12)(详细信息请参阅附件,如有疑问请联系相关部门)
2019/6/2 13:04	2019/6/2 13:04	6070	WEMSST3(ST)	101	美汇化学品原材料(6000个)(G)(A)	2634	2636	153	1276	1191	69	182	33	134	0	
2019/6/2 13:04	2019/6/2 13:04	6071	WEMS1(ST)	101	美汇化学品原材料(6000个)(G)(A)	2652	2654	153	1276	1181	66	166	32	117	0	
2019/6/2 13:04	2019/6/2 13:04	6072	WEMSST3(ST)	101	美汇化学品原材料(6000个)(G)(A)	2584	2586	153	1276	1166	68	168	31	118	0	
2019/6/2 13:04	2019/6/2 13:04	6070	WEMSST3(ST)	101	美汇化学品原材料(6000个)(G)(A)	2634	2636	153	1276	1191	69	182	33	134	0	
2019/6/2 13:04	2019/6/2 13:04	6071	WEMS1(ST)	101	美汇化学品原材料(6000个)(G)(A)	2652	2654	153	1276	1181	66	166	32	117	0	
